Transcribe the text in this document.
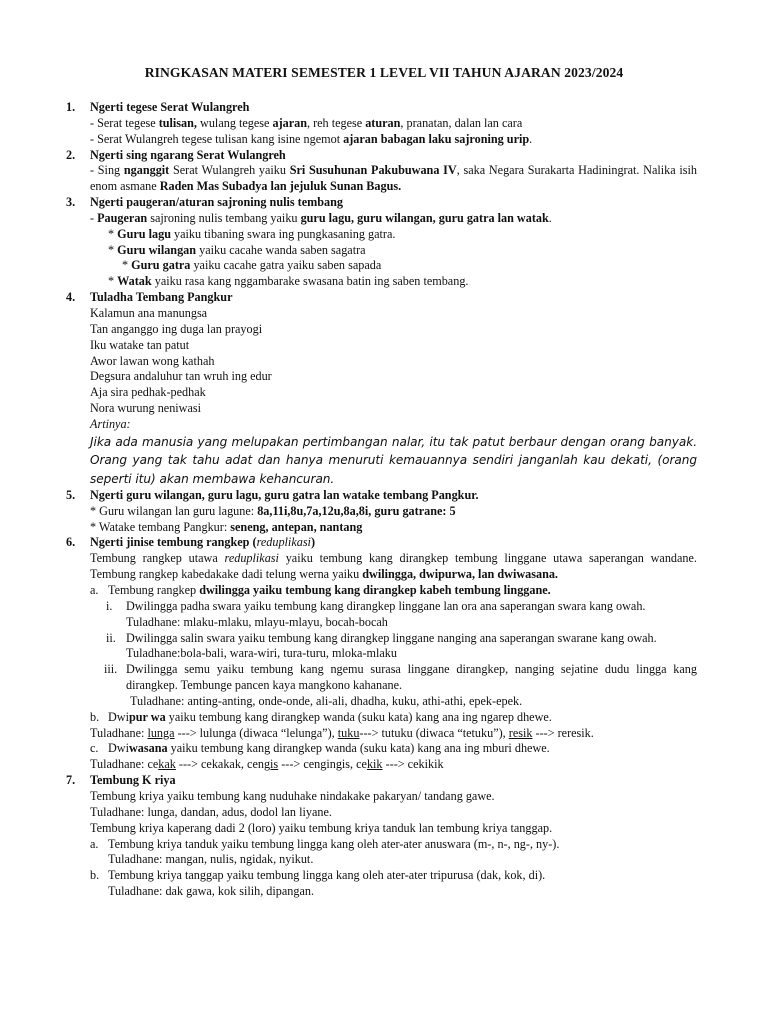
RINGKASAN MATERI SEMESTER 1 LEVEL VII TAHUN AJARAN 2023/2024
1. Ngerti tegese Serat Wulangreh
- Serat tegese tulisan, wulang tegese ajaran, reh tegese aturan, pranatan, dalan lan cara
- Serat Wulangreh tegese tulisan kang isine ngemot ajaran babagan laku sajroning urip.
2. Ngerti sing ngarang Serat Wulangreh
- Sing nganggit Serat Wulangreh yaiku Sri Susuhunan Pakubuwana IV, saka Negara Surakarta Hadiningrat. Nalika isih enom asmane Raden Mas Subadya lan jejuluk Sunan Bagus.
3. Ngerti paugeran/aturan sajroning nulis tembang
- Paugeran sajroning nulis tembang yaiku guru lagu, guru wilangan, guru gatra lan watak.
* Guru lagu yaiku tibaning swara ing pungkasaning gatra.
* Guru wilangan yaiku cacahe wanda saben sagatra
* Guru gatra yaiku cacahe gatra yaiku saben sapada
* Watak yaiku rasa kang nggambarake swasana batin ing saben tembang.
4. Tuladha Tembang Pangkur
Kalamun ana manungsa
Tan anganggo ing duga lan prayogi
Iku watake tan patut
Awor lawan wong kathah
Degsura andaluhur tan wruh ing edur
Aja sira pedhak-pedhak
Nora wurung neniwasi
Artinya:
Jika ada manusia yang melupakan pertimbangan nalar, itu tak patut berbaur dengan orang banyak. Orang yang tak tahu adat dan hanya menuruti kemauannya sendiri janganlah kau dekati, (orang seperti itu) akan membawa kehancuran.
5. Ngerti guru wilangan, guru lagu, guru gatra lan watake tembang Pangkur.
* Guru wilangan lan guru lagune: 8a,11i,8u,7a,12u,8a,8i, guru gatrane: 5
* Watake tembang Pangkur: seneng, antepan, nantang
6. Ngerti jinise tembung rangkep (reduplikasi)
Tembung rangkep utawa reduplikasi yaiku tembung kang dirangkep tembung linggane utawa saperangan wandane. Tembung rangkep kabedakake dadi telung werna yaiku dwilingga, dwipurwa, lan dwiwasana.
a. Tembung rangkep dwilingga yaiku tembung kang dirangkep kabeh tembung linggane.
i. Dwilingga padha swara yaiku tembung kang dirangkep linggane lan ora ana saperangan swara kang owah.
Tuladhane: mlaku-mlaku, mlayu-mlayu, bocah-bocah
ii. Dwilingga salin swara yaiku tembung kang dirangkep linggane nanging ana saperangan swarane kang owah.
Tuladhane:bola-bali, wara-wiri, tura-turu, mloka-mlaku
iii. Dwilingga semu yaiku tembung kang ngemu surasa linggane dirangkep, nanging sejatine dudu lingga kang dirangkep. Tembunge pancen kaya mangkono kahanane.
Tuladhane: anting-anting, onde-onde, ali-ali, dhadha, kuku, athi-athi, epek-epek.
b. Dwipur wa yaiku tembung kang dirangkep wanda (suku kata) kang ana ing ngarep dhewe.
Tuladhane: lunga ---> lulunga (diwaca “lelunga”), tuku---> tutuku (diwaca “tetuku”), resik ---> reresik.
c. Dwiwasana yaiku tembung kang dirangkep wanda (suku kata) kang ana ing mburi dhewe.
Tuladhane: cekak ---> cekakak, cengis ---> cengingis, cekik ---> cekikik
7. Tembung K riya
Tembung kriya yaiku tembung kang nuduhake nindakake pakaryan/ tandang gawe.
Tuladhane: lunga, dandan, adus, dodol lan liyane.
Tembung kriya kaperang dadi 2 (loro) yaiku tembung kriya tanduk lan tembung kriya tanggap.
a. Tembung kriya tanduk yaiku tembung lingga kang oleh ater-ater anuswara (m-, n-, ng-, ny-).
Tuladhane: mangan, nulis, ngidak, nyikut.
b. Tembung kriya tanggap yaiku tembung lingga kang oleh ater-ater tripurusa (dak, kok, di).
Tuladhane: dak gawa, kok silih, dipangan.
